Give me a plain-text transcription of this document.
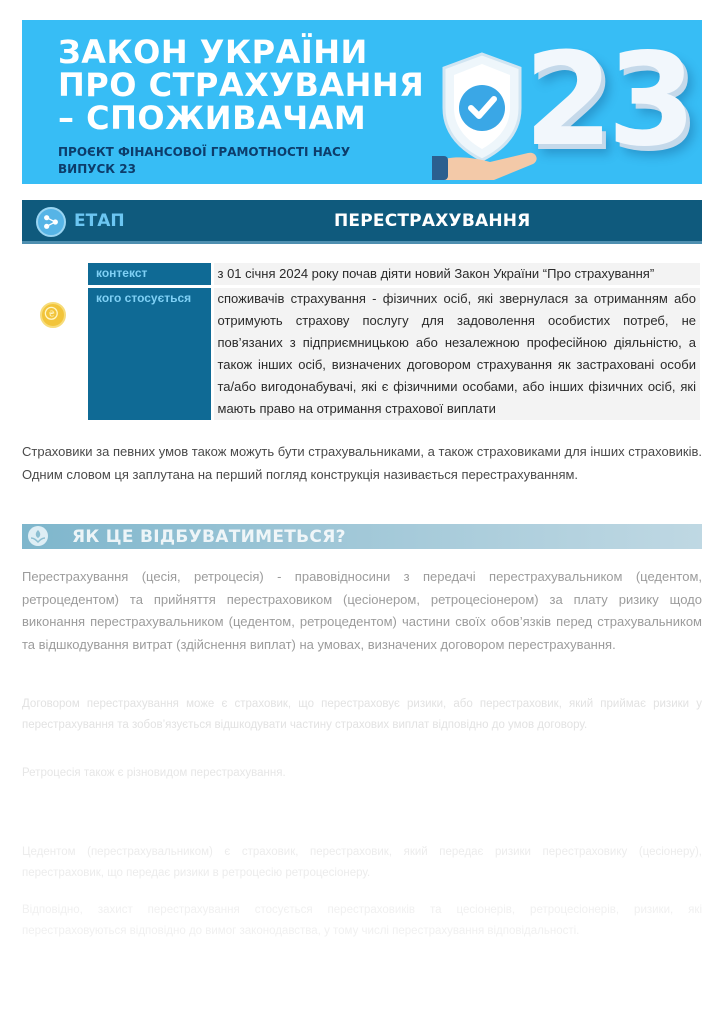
ЗАКОН УКРАЇНИ
ПРО СТРАХУВАННЯ
– СПОЖИВАЧАМ
ПРОЄКТ ФІНАНСОВОЇ ГРАМОТНОСТІ НАСУ
ВИПУСК 23	23
ЕТАП	ПЕРЕСТРАХУВАННЯ
₴
контекст	з 01 січня 2024 року почав діяти новий Закон України “Про страхування”
кого стосується	споживачів страхування - фізичних осіб, які звернулася за отриманням або отримують страхову послугу для задоволення особистих потреб, не пов’язаних з підприємницькою або незалежною професійною діяльністю, а також інших осіб, визначених договором страхування як застраховані особи та/або вигодонабувачі, які є фізичними особами, або інших фізичних осіб, які мають право на отримання страхової виплати

Страховики за певних умов також можуть бути страхувальниками, а також страховиками для інших страховиків. Одним словом ця заплутана на перший погляд конструкція називається перестрахуванням.

ЯК ЦЕ ВІДБУВАТИМЕТЬСЯ?

Перестрахування (цесія, ретроцесія) - правовідносини з передачі перестрахувальником (цедентом, ретроцедентом) та прийняття перестраховиком (цесіонером, ретроцесіонером) за плату ризику щодо виконання перестрахувальником (цедентом, ретроцедентом) частини своїх обов’язків перед страхувальником та відшкодування витрат (здійснення виплат) на умовах, визначених договором перестрахування.

Договором перестрахування може є страховик, що перестраховує ризики, або перестраховик, який приймає ризики у перестрахування та зобов’язується відшкодувати частину страхових виплат відповідно до умов договору.

Ретроцесія також є різновидом перестрахування.

Цедентом (перестрахувальником) є страховик, перестраховик, який передає ризики перестраховику (цесіонеру), перестраховик, що передає ризики в ретроцесію ретроцесіонеру.

Відповідно, захист перестрахування стосується перестраховиків та цесіонерів, ретроцесіонерів, ризики, які перестраховуються відповідно до вимог законодавства, у тому числі перестрахування відповідальності.
